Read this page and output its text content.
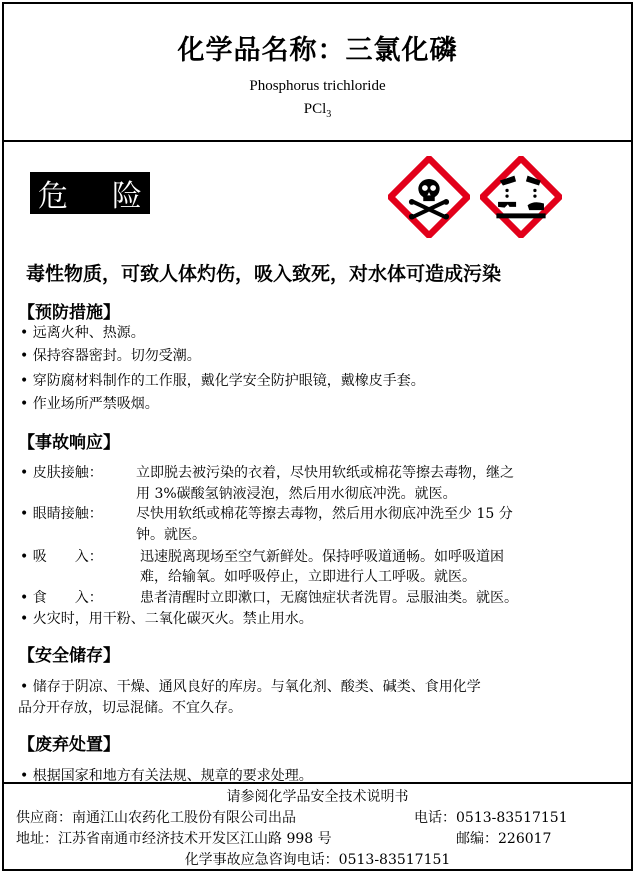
化学品名称：三氯化磷
Phosphorus trichloride
PCl$_3$
危 险
毒性物质，可致人体灼伤，吸入致死，对水体可造成污染
【预防措施】
• 远离火种、热源。
• 保持容器密封。切勿受潮。
• 穿防腐材料制作的工作服，戴化学安全防护眼镜，戴橡皮手套。
• 作业场所严禁吸烟。
【事故响应】
• 皮肤接触： 立即脱去被污染的衣着，尽快用软纸或棉花等擦去毒物，继之
用 3%碳酸氢钠液浸泡，然后用水彻底冲洗。就医。
• 眼睛接触： 尽快用软纸或棉花等擦去毒物，然后用水彻底冲洗至少 15 分
钟。就医。
• 吸　　入：	迅速脱离现场至空气新鲜处。保持呼吸道通畅。如呼吸道困
难，给输氧。如呼吸停止，立即进行人工呼吸。就医。
• 食　　入：	患者清醒时立即漱口，无腐蚀症状者洗胃。忌服油类。就医。
• 火灾时，用干粉、二氧化碳灭火。禁止用水。
【安全储存】
• 储存于阴凉、干燥、通风良好的库房。与氧化剂、酸类、碱类、食用化学
品分开存放，切忌混储。不宜久存。
【废弃处置】
• 根据国家和地方有关法规、规章的要求处理。
请参阅化学品安全技术说明书
供应商：南通江山农药化工股份有限公司出品	电话：0513-83517151
地址：江苏省南通市经济技术开发区江山路 998 号	邮编：226017
化学事故应急咨询电话：0513-83517151
